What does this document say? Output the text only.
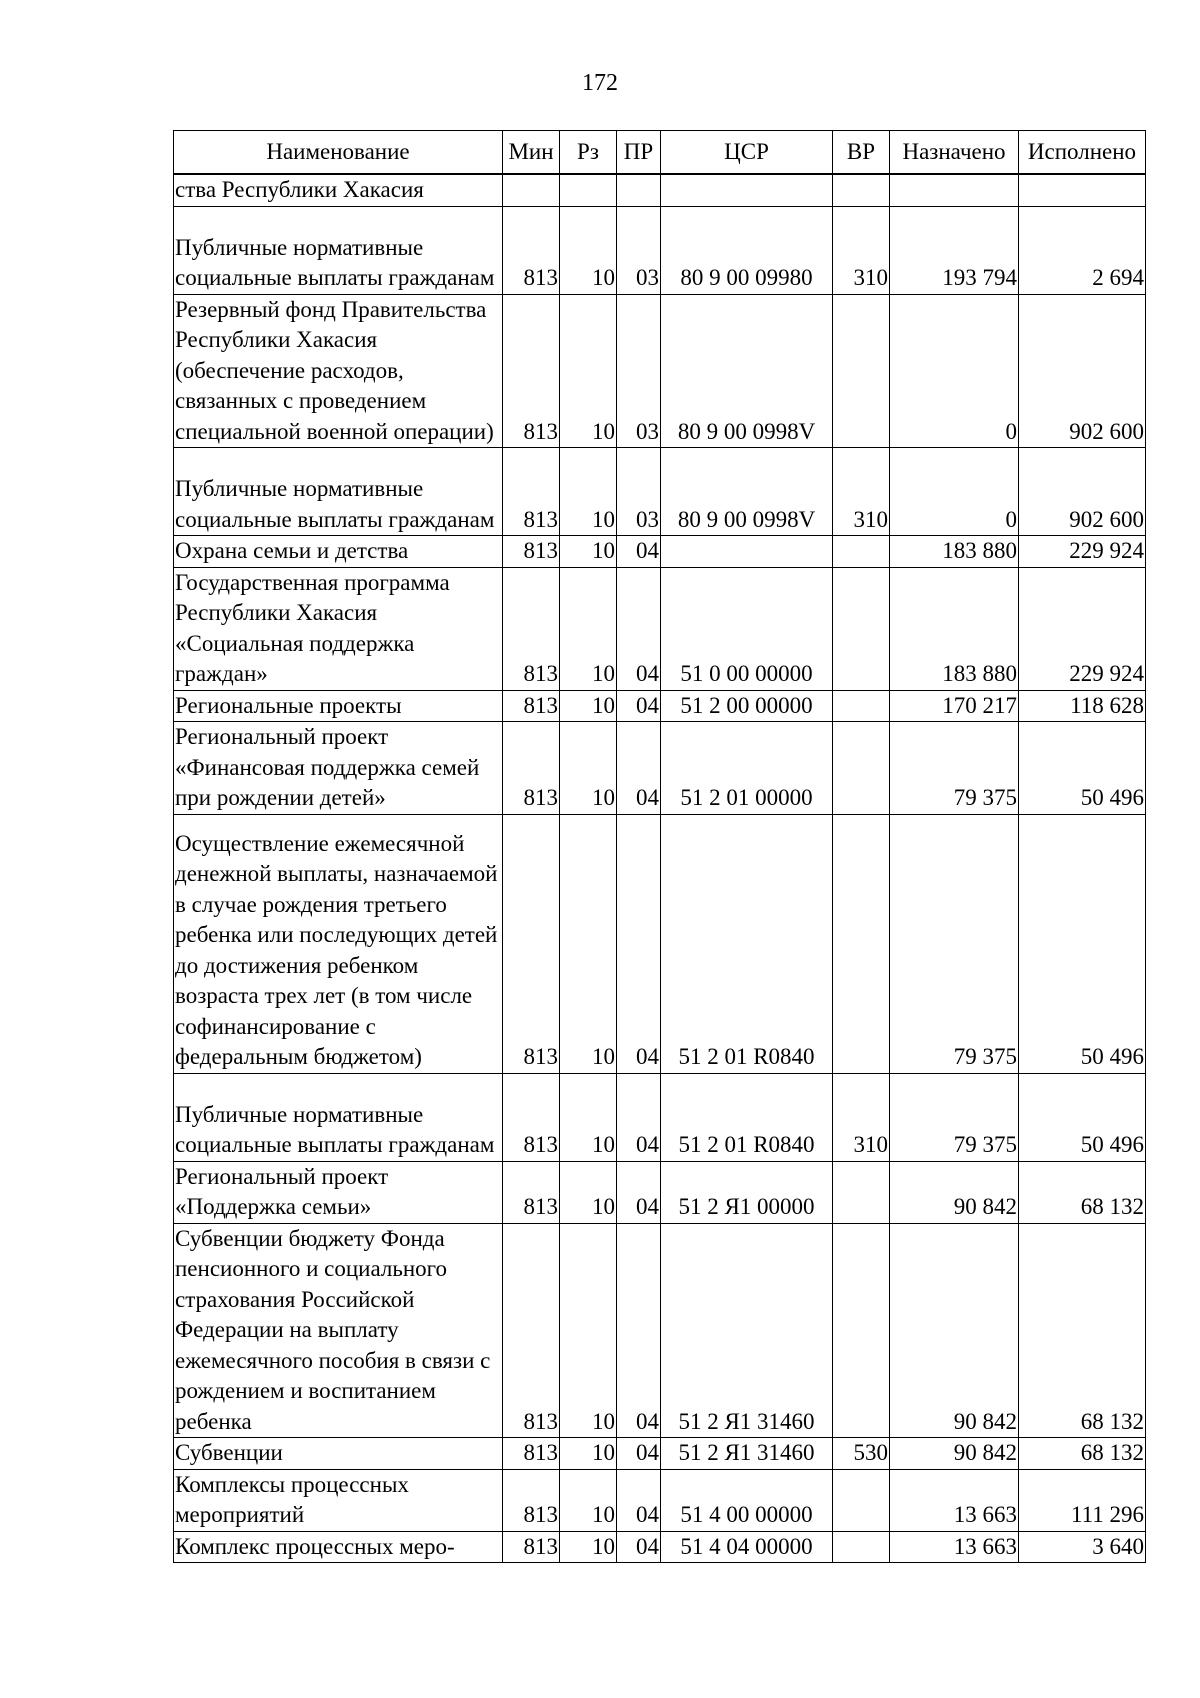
172
Наименование	Мин	Рз	ПР	ЦСР	ВР	Назначено	Исполнено
ства Республики Хакасия							
Публичные нормативные социальные выплаты гражданам	813	10	03	80 9 00 09980	310	193 794	2 694
Резервный фонд Правительства Республики Хакасия (обеспечение расходов, связанных с проведением специальной военной операции)	813	10	03	80 9 00 0998V		0	902 600
Публичные нормативные социальные выплаты гражданам	813	10	03	80 9 00 0998V	310	0	902 600
Охрана семьи и детства	813	10	04			183 880	229 924
Государственная программа Республики Хакасия «Социальная поддержка граждан»	813	10	04	51 0 00 00000		183 880	229 924
Региональные проекты	813	10	04	51 2 00 00000		170 217	118 628
Региональный проект «Финансовая поддержка семей при рождении детей»	813	10	04	51 2 01 00000		79 375	50 496
Осуществление ежемесячной денежной выплаты, назначаемой в случае рождения третьего ребенка или последующих детей до достижения ребенком возраста трех лет (в том числе софинансирование с федеральным бюджетом)	813	10	04	51 2 01 R0840		79 375	50 496
Публичные нормативные социальные выплаты гражданам	813	10	04	51 2 01 R0840	310	79 375	50 496
Региональный проект «Поддержка семьи»	813	10	04	51 2 Я1 00000		90 842	68 132
Субвенции бюджету Фонда пенсионного и социального страхования Российской Федерации на выплату ежемесячного пособия в связи с рождением и воспитанием ребенка	813	10	04	51 2 Я1 31460		90 842	68 132
Субвенции	813	10	04	51 2 Я1 31460	530	90 842	68 132
Комплексы процессных мероприятий	813	10	04	51 4 00 00000		13 663	111 296
Комплекс процессных меро-	813	10	04	51 4 04 00000		13 663	3 640
